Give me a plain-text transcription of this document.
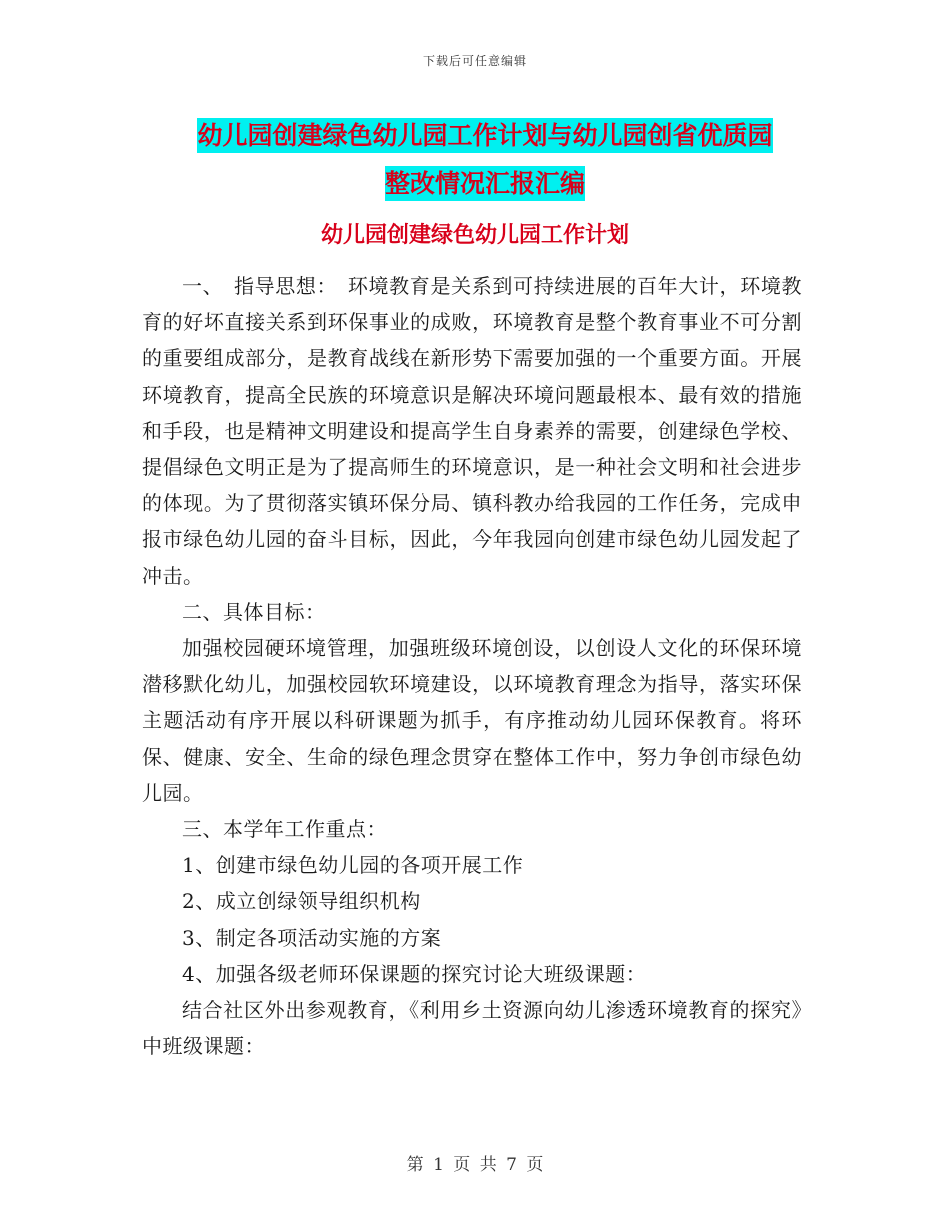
下载后可任意编辑
幼儿园创建绿色幼儿园工作计划与幼儿园创省优质园
整改情况汇报汇编
幼儿园创建绿色幼儿园工作计划

一、　指导思想：　环境教育是关系到可持续进展的百年大计，环境教育的好坏直接关系到环保事业的成败，环境教育是整个教育事业不可分割的重要组成部分，是教育战线在新形势下需要加强的一个重要方面。开展环境教育，提高全民族的环境意识是解决环境问题最根本、最有效的措施和手段，也是精神文明建设和提高学生自身素养的需要，创建绿色学校、提倡绿色文明正是为了提高师生的环境意识，是一种社会文明和社会进步的体现。为了贯彻落实镇环保分局、镇科教办给我园的工作任务，完成申报市绿色幼儿园的奋斗目标，因此，今年我园向创建市绿色幼儿园发起了冲击。

二、具体目标：

加强校园硬环境管理，加强班级环境创设，以创设人文化的环保环境潜移默化幼儿，加强校园软环境建设，以环境教育理念为指导，落实环保主题活动有序开展以科研课题为抓手，有序推动幼儿园环保教育。将环保、健康、安全、生命的绿色理念贯穿在整体工作中，努力争创市绿色幼儿园。

三、本学年工作重点：

1、创建市绿色幼儿园的各项开展工作

2、成立创绿领导组织机构

3、制定各项活动实施的方案

4、加强各级老师环保课题的探究讨论大班级课题：

结合社区外出参观教育，《利用乡土资源向幼儿渗透环境教育的探究》中班级课题：

第 1 页 共 7 页
